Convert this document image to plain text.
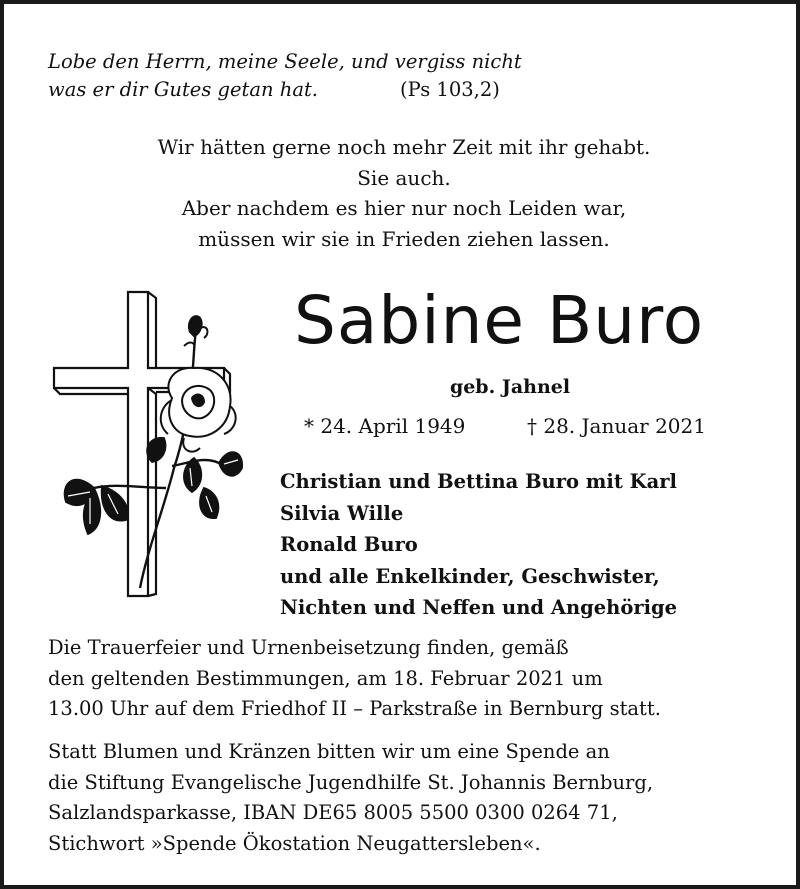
Lobe den Herrn, meine Seele, und vergiss nicht
was er dir Gutes getan hat.	(Ps 103,2)
Wir hätten gerne noch mehr Zeit mit ihr gehabt.
Sie auch.
Aber nachdem es hier nur noch Leiden war,
müssen wir sie in Frieden ziehen lassen.
Sabine Buro
geb. Jahnel
* 24. April 1949	† 28. Januar 2021
Christian und Bettina Buro mit Karl
Silvia Wille
Ronald Buro
und alle Enkelkinder, Geschwister,
Nichten und Neffen und Angehörige
Die Trauerfeier und Urnenbeisetzung finden, gemäß
den geltenden Bestimmungen, am 18. Februar 2021 um
13.00 Uhr auf dem Friedhof II – Parkstraße in Bernburg statt.
Statt Blumen und Kränzen bitten wir um eine Spende an
die Stiftung Evangelische Jugendhilfe St. Johannis Bernburg,
Salzlandsparkasse, IBAN DE65 8005 5500 0300 0264 71,
Stichwort »Spende Ökostation Neugattersleben«.
